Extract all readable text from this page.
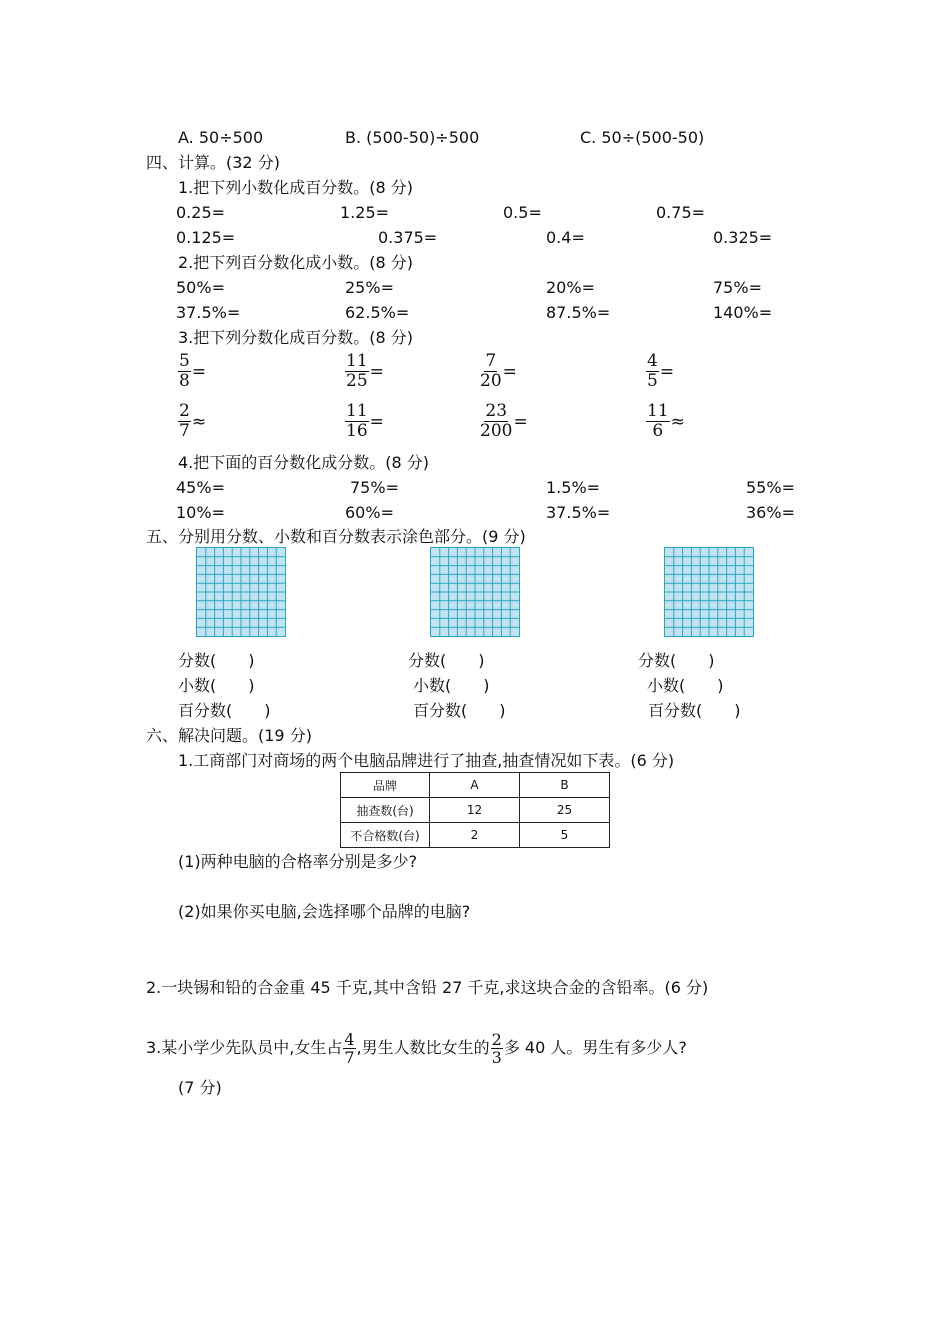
A. 50÷500	B. (500-50)÷500	C. 50÷(500-50)
四、计算。(32 分)
1.把下列小数化成百分数。(8 分)
0.25=	1.25=	0.5=	0.75=
0.125=	0.375=	0.4=	0.325=
2.把下列百分数化成小数。(8 分)
50%=	25%=	20%=	75%=
37.5%=	62.5%=	87.5%=	140%=
3.把下列分数化成百分数。(8 分)
$\frac{5}{8}$ =	$\frac{11}{25}$ =	$\frac{7}{20}$ =	$\frac{4}{5}$ =
$\frac{2}{7}$ ≈	$\frac{11}{16}$ =	$\frac{23}{200}$ =	$\frac{11}{6}$ ≈
4.把下面的百分数化成分数。(8 分)
45%=	75%=	1.5%=	55%=
10%=	60%=	37.5%=	36%=
五、分别用分数、小数和百分数表示涂色部分。(9 分)
分数(　　)	分数(　　)	分数(　　)
小数(　　)	小数(　　)	小数(　　)
百分数(　　)	百分数(　　)	百分数(　　)
六、解决问题。(19 分)
1.工商部门对商场的两个电脑品牌进行了抽查,抽查情况如下表。(6 分)
品牌	A	B
抽查数(台)	12	25
不合格数(台)	2	5
(1)两种电脑的合格率分别是多少?
(2)如果你买电脑,会选择哪个品牌的电脑?
2.一块锡和铅的合金重 45 千克,其中含铅 27 千克,求这块合金的含铅率。(6 分)
3.某小学少先队员中,女生占 $\frac{4}{7}$ ,男生人数比女生的 $\frac{2}{3}$ 多 40 人。男生有多少人?
(7 分)
